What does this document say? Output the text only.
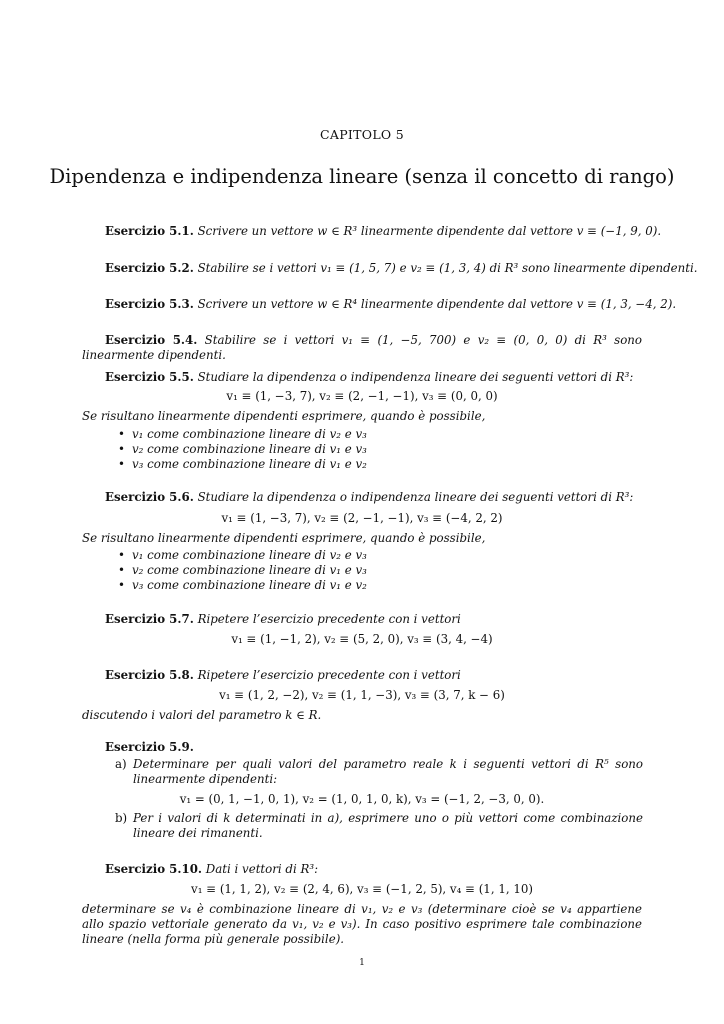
CAPITOLO 5
Dipendenza e indipendenza lineare (senza il concetto di rango)
Esercizio 5.1. Scrivere un vettore w ∈ R³ linearmente dipendente dal vettore v ≡ (−1, 9, 0).
Esercizio 5.2. Stabilire se i vettori v₁ ≡ (1, 5, 7) e v₂ ≡ (1, 3, 4) di R³ sono linearmente dipendenti.
Esercizio 5.3. Scrivere un vettore w ∈ R⁴ linearmente dipendente dal vettore v ≡ (1, 3, −4, 2).
Esercizio 5.4. Stabilire se i vettori v₁ ≡ (1, −5, 700) e v₂ ≡ (0, 0, 0) di R³ sono linearmente dipendenti.
Esercizio 5.5. Studiare la dipendenza o indipendenza lineare dei seguenti vettori di R³:
v₁ ≡ (1, −3, 7), v₂ ≡ (2, −1, −1), v₃ ≡ (0, 0, 0)
Se risultano linearmente dipendenti esprimere, quando è possibile,
• v₁ come combinazione lineare di v₂ e v₃
• v₂ come combinazione lineare di v₁ e v₃
• v₃ come combinazione lineare di v₁ e v₂
Esercizio 5.6. Studiare la dipendenza o indipendenza lineare dei seguenti vettori di R³:
v₁ ≡ (1, −3, 7), v₂ ≡ (2, −1, −1), v₃ ≡ (−4, 2, 2)
Se risultano linearmente dipendenti esprimere, quando è possibile,
• v₁ come combinazione lineare di v₂ e v₃
• v₂ come combinazione lineare di v₁ e v₃
• v₃ come combinazione lineare di v₁ e v₂
Esercizio 5.7. Ripetere l’esercizio precedente con i vettori
v₁ ≡ (1, −1, 2), v₂ ≡ (5, 2, 0), v₃ ≡ (3, 4, −4)
Esercizio 5.8. Ripetere l’esercizio precedente con i vettori
v₁ ≡ (1, 2, −2), v₂ ≡ (1, 1, −3), v₃ ≡ (3, 7, k − 6)
discutendo i valori del parametro k ∈ R.
Esercizio 5.9.
a) Determinare per quali valori del parametro reale k i seguenti vettori di R⁵ sono linearmente dipendenti:
v₁ = (0, 1, −1, 0, 1), v₂ = (1, 0, 1, 0, k), v₃ = (−1, 2, −3, 0, 0).
b) Per i valori di k determinati in a), esprimere uno o più vettori come combinazione lineare dei rimanenti.
Esercizio 5.10. Dati i vettori di R³:
v₁ ≡ (1, 1, 2), v₂ ≡ (2, 4, 6), v₃ ≡ (−1, 2, 5), v₄ ≡ (1, 1, 10)
determinare se v₄ è combinazione lineare di v₁, v₂ e v₃ (determinare cioè se v₄ appartiene allo spazio vettoriale generato da v₁, v₂ e v₃). In caso positivo esprimere tale combinazione lineare (nella forma più generale possibile).
1
